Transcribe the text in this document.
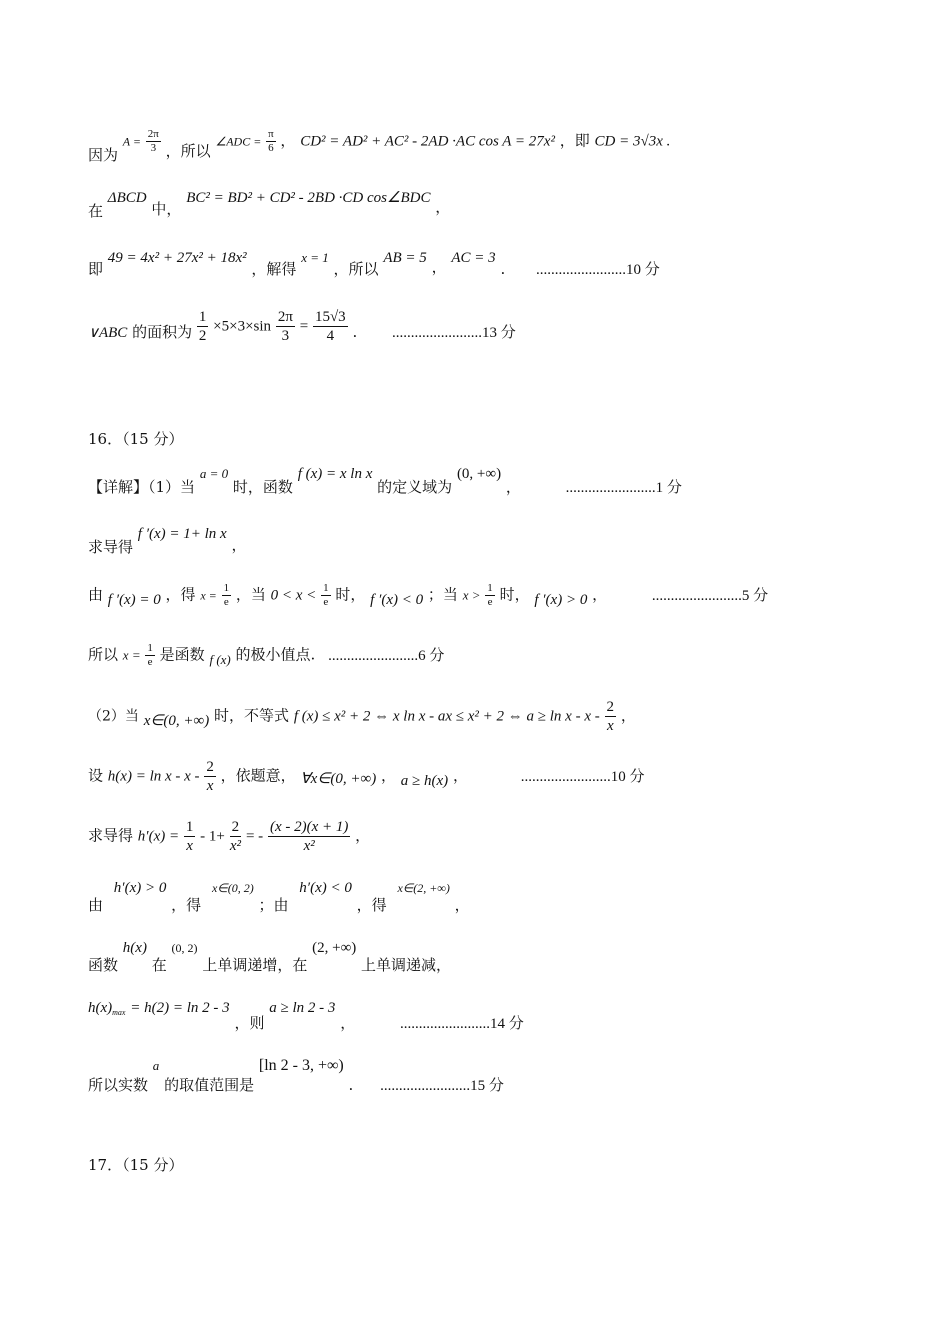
因为 $A = \frac{2\pi}{3}$ ，所以 ∠ADC = $\frac{\pi}{6}$ ， CD² = AD² + AC² - 2AD ·AC cos A = 27x² ，即 CD = 3√3x .
在 ΔBCD 中， BC² = BD² + CD² - 2BD ·CD cos∠BDC ，
即 49 = 4x² + 27x² + 18x² ，解得 x = 1 ，所以 AB = 5 ， AC = 3 . ........................10 分
∨ABC 的面积为 $\frac{1}{2} \times 5\times 3\times\sin \frac{2\pi}{3} = \frac{15√3}{4}$ . ........................13 分
16．（15 分）
【详解】（1）当 a = 0 时，函数 f (x) = x ln x 的定义域为 (0, +∞) ，	........................1 分
求导得 f ′(x) = 1+ ln x ，
由 f ′(x) = 0 ，得 $x = \frac{1}{e}$ ，当 $0 < x < \frac{1}{e}$ 时， f ′(x) < 0 ；当 $x > \frac{1}{e}$ 时， f ′(x) > 0 ，	........................5 分
所以 $x = \frac{1}{e}$ 是函数 f (x) 的极小值点. ........................6 分
（2）当 x∈(0, +∞) 时，不等式 f (x) ≤ x² + 2 ⇔ x ln x - ax ≤ x² + 2 ⇔ $a \ge \ln x - x - \frac{2}{x}$ ，
设 $h(x) = \ln x - x - \frac{2}{x}$ ，依题意， ∀x∈(0, +∞) ， a ≥ h(x) ，	........................10 分
求导得 $h'(x) = \frac{1}{x} - 1+ \frac{2}{\text{x²}}$ = - $\frac{(x - 2)(x + 1)}{\text{x²}}$ ，
由 h′(x) > 0 ，得 x∈(0, 2) ；由 h′(x) < 0 ，得 x∈(2, +∞) ，
函数 h(x) 在 (0, 2) 上单调递增，在 (2, +∞) 上单调递减，
$h(x)_{max} = h(2) = \ln 2 - 3$ ，则 a ≥ ln 2 - 3 ，	........................14 分
所以实数 a 的取值范围是 [ln 2 - 3, +∞) . ........................15 分
17．（15 分）
